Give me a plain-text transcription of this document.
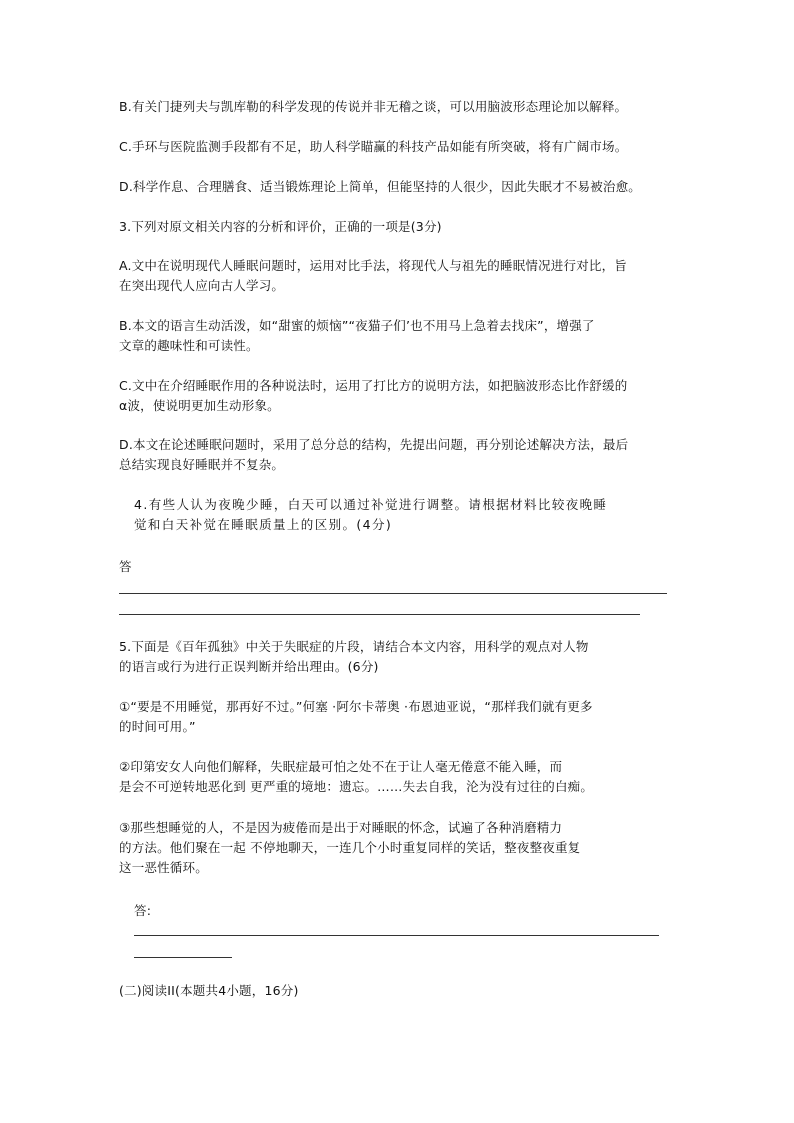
B.有关门捷列夫与凯库勒的科学发现的传说并非无稽之谈，可以用脑波形态理论加以解释。
C.手环与医院监测手段都有不足，助人科学瞄赢的科技产品如能有所突破，将有广阔市场。
D.科学作息、合理膳食、适当锻炼理论上简单，但能坚持的人很少，因此失眠才不易被治愈。
3.下列对原文相关内容的分析和评价，正确的一项是(3分)
A.文中在说明现代人睡眠问题时，运用对比手法，将现代人与祖先的睡眠情况进行对比，旨
在突出现代人应向古人学习。
B.本文的语言生动活泼，如“甜蜜的烦恼”“夜猫子们’也不用马上急着去找床”，增强了
文章的趣味性和可读性。
C.文中在介绍睡眠作用的各种说法时，运用了打比方的说明方法，如把脑波形态比作舒缓的
α波，使说明更加生动形象。
D.本文在论述睡眠问题时，采用了总分总的结构，先提出问题，再分别论述解决方法，最后
总结实现良好睡眠并不复杂。
4.有些人认为夜晚少睡，白天可以通过补觉进行调整。请根据材料比较夜晚睡
觉和白天补觉在睡眠质量上的区别。(4分)
答
5.下面是《百年孤独》中关于失眠症的片段，请结合本文内容，用科学的观点对人物
的语言或行为进行正误判断并给出理由。(6分)
①“要是不用睡觉，那再好不过。”何塞 ·阿尔卡蒂奥 ·布恩迪亚说，“那样我们就有更多
的时间可用。”
②印第安女人向他们解释，失眠症最可怕之处不在于让人毫无倦意不能入睡，而
是会不可逆转地恶化到 更严重的境地：遗忘。……失去自我，沦为没有过往的白痴。
③那些想睡觉的人，不是因为疲倦而是出于对睡眠的怀念，试遍了各种消磨精力
的方法。他们聚在一起 不停地聊天，一连几个小时重复同样的笑话，整夜整夜重复
这一恶性循环。
答:
(二)阅读II(本题共4小题，16分)
